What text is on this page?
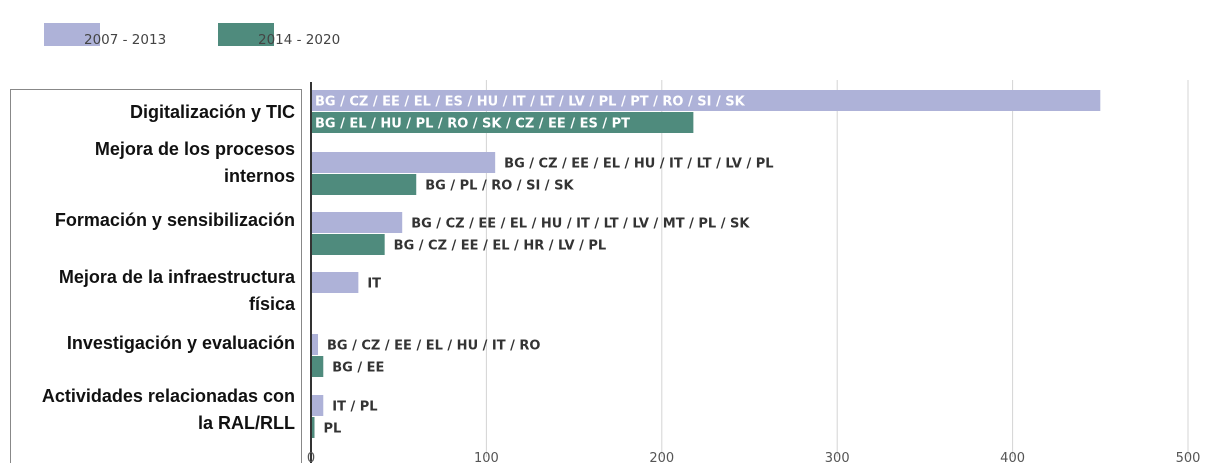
2007 - 2013	2014 - 2020
Digitalización y TIC
Mejora de los procesos
internos
Formación y sensibilización
Mejora de la infraestructura
física
Investigación y evaluación
Actividades relacionadas con
la RAL/RLL
BG / CZ / EE / EL / ES / HU / IT / LT / LV / PL / PT / RO / SI / SK
BG / EL / HU / PL / RO / SK / CZ / EE / ES / PT
BG / CZ / EE / EL / HU / IT / LT / LV / PL
BG / PL / RO / SI / SK
BG / CZ / EE / EL / HU / IT / LT / LV / MT / PL / SK
BG / CZ / EE / EL / HR / LV / PL
IT
BG / CZ / EE / EL / HU / IT / RO
BG / EE
IT / PL
PL
0	100	200	300	400	500
